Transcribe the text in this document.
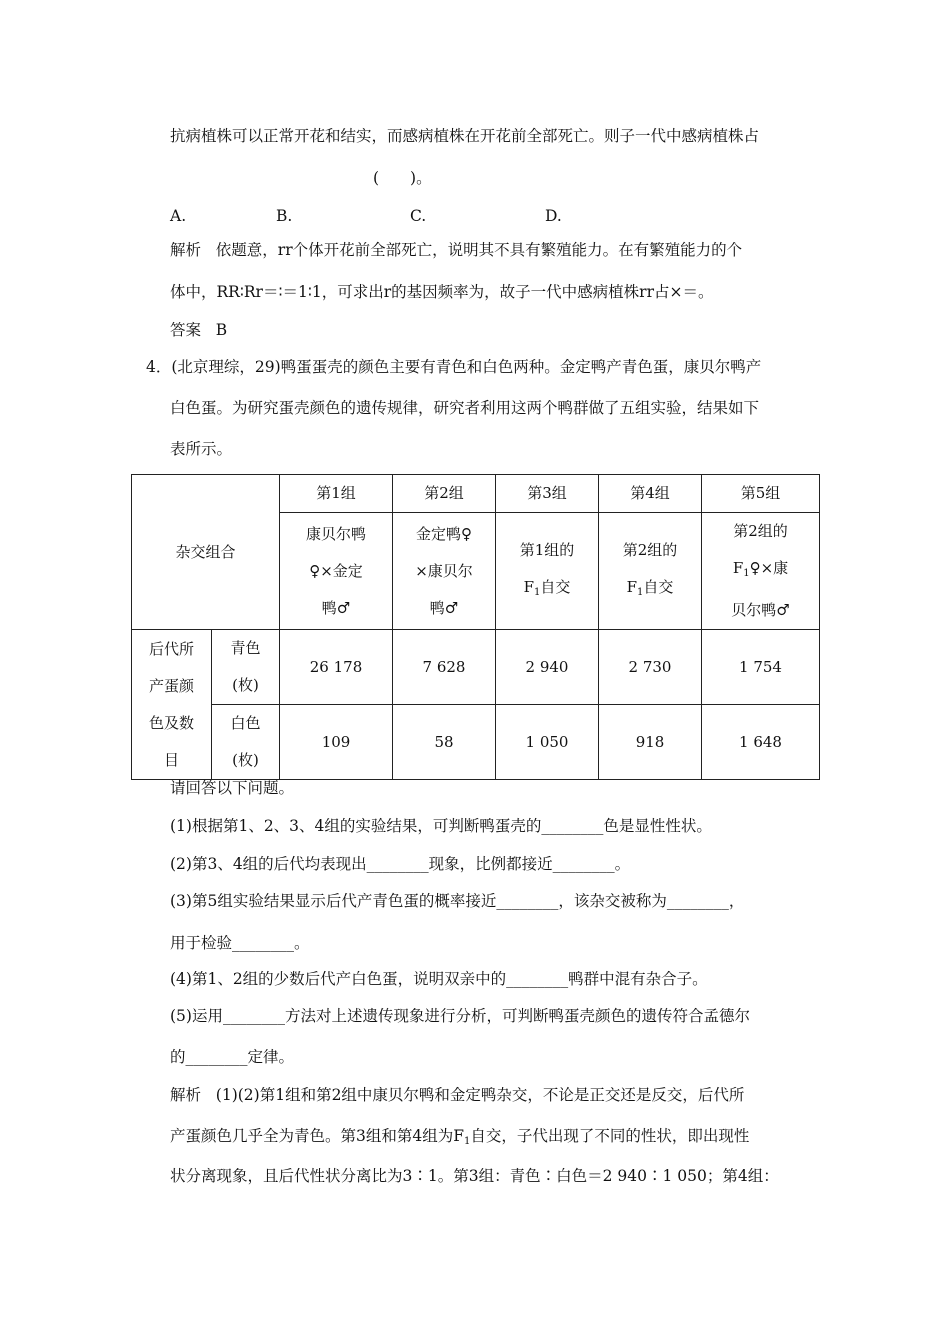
抗病植株可以正常开花和结实，而感病植株在开花前全部死亡。则子一代中感病植株占
(　　)。
A.	B.	C.	D.
解析 依题意，rr个体开花前全部死亡，说明其不具有繁殖能力。在有繁殖能力的个
体中，RR∶Rr＝∶＝1∶1，可求出r的基因频率为，故子一代中感病植株rr占×＝。
答案 B
4．(北京理综，29)鸭蛋蛋壳的颜色主要有青色和白色两种。金定鸭产青色蛋，康贝尔鸭产
白色蛋。为研究蛋壳颜色的遗传规律，研究者利用这两个鸭群做了五组实验，结果如下
表所示。
杂交组合		第1组	第2组	第3组	第4组	第5组

		康贝尔鸭
♀×金定
鸭♂	金定鸭♀
×康贝尔
鸭♂	第1组的
$F_1$自交	第2组的
$F_1$自交	第2组的
$F_1♀\times$康
贝尔鸭♂

后代所
产蛋颜
色及数
目	青色
(枚)	26 178	7 628	2 940	2 730	1 754

	白色
(枚)	109	58	1 050	918	1 648
请回答以下问题。
(1)根据第1、2、3、4组的实验结果，可判断鸭蛋壳的________色是显性性状。
(2)第3、4组的后代均表现出________现象，比例都接近________。
(3)第5组实验结果显示后代产青色蛋的概率接近________，该杂交被称为________，
用于检验________。
(4)第1、2组的少数后代产白色蛋，说明双亲中的________鸭群中混有杂合子。
(5)运用________方法对上述遗传现象进行分析，可判断鸭蛋壳颜色的遗传符合孟德尔
的________定律。
解析 (1)(2)第1组和第2组中康贝尔鸭和金定鸭杂交，不论是正交还是反交，后代所
产蛋颜色几乎全为青色。第3组和第4组为$F_1$自交，子代出现了不同的性状，即出现性
状分离现象，且后代性状分离比为3∶1。第3组：青色∶白色＝2 940∶1 050；第4组：
